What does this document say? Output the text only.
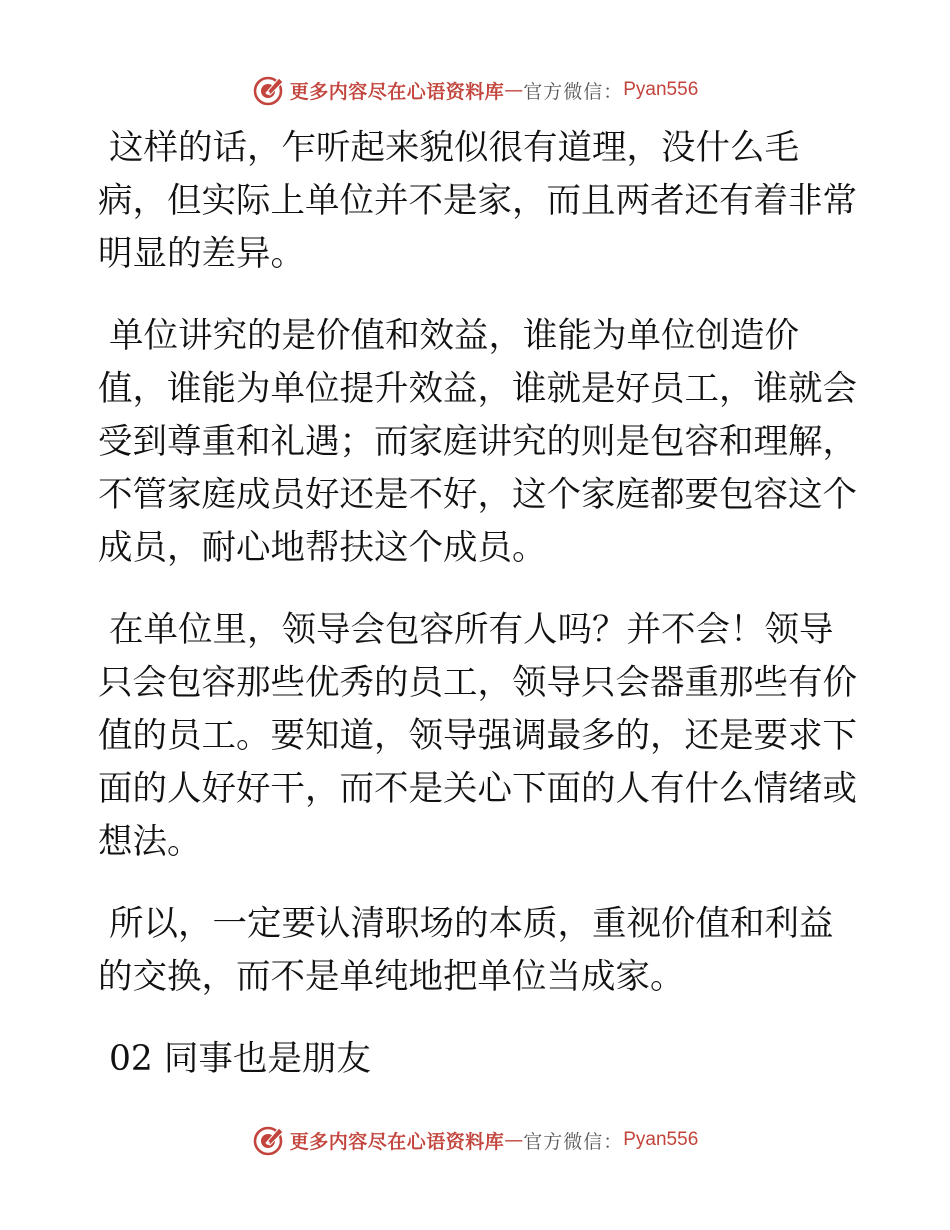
更多内容尽在心语资料库 — 官方微信： Pyan556

这样的话，乍听起来貌似很有道理，没什么毛病，但实际上单位并不是家，而且两者还有着非常明显的差异。

单位讲究的是价值和效益，谁能为单位创造价值，谁能为单位提升效益，谁就是好员工，谁就会受到尊重和礼遇；而家庭讲究的则是包容和理解，不管家庭成员好还是不好，这个家庭都要包容这个成员，耐心地帮扶这个成员。

在单位里，领导会包容所有人吗？并不会！领导只会包容那些优秀的员工，领导只会器重那些有价值的员工。要知道，领导强调最多的，还是要求下面的人好好干，而不是关心下面的人有什么情绪或想法。

所以，一定要认清职场的本质，重视价值和利益的交换，而不是单纯地把单位当成家。

02 同事也是朋友

更多内容尽在心语资料库 — 官方微信： Pyan556
